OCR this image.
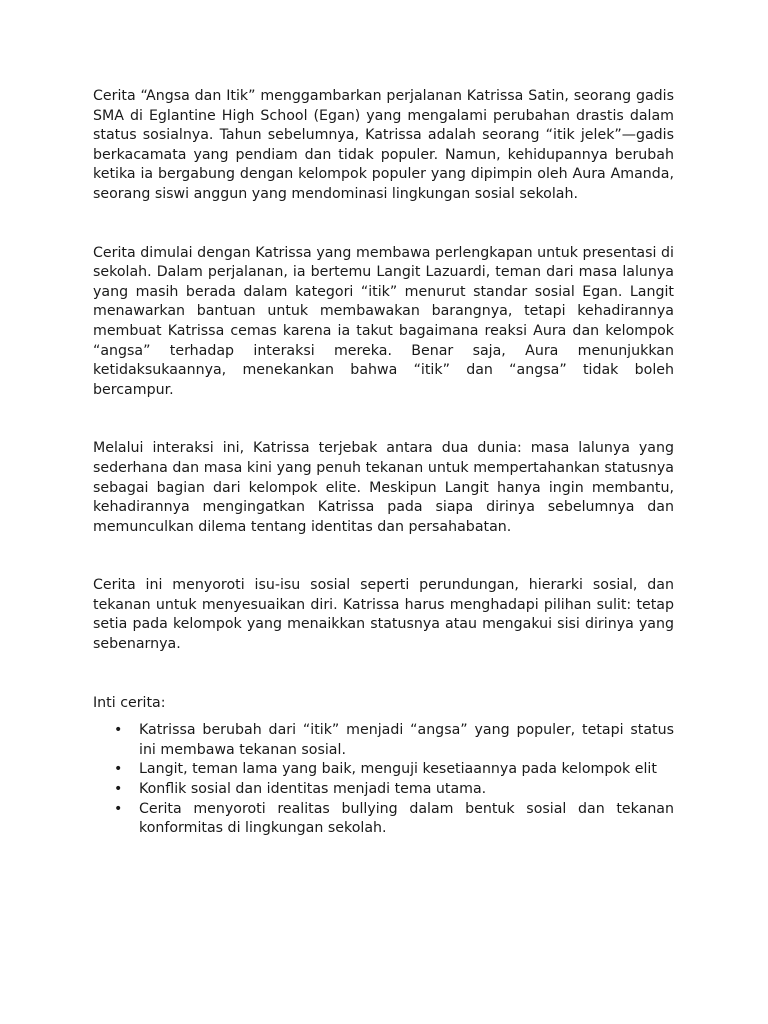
Cerita “Angsa dan Itik” menggambarkan perjalanan Katrissa Satin, seorang gadis SMA di Eglantine High School (Egan) yang mengalami perubahan drastis dalam status sosialnya. Tahun sebelumnya, Katrissa adalah seorang “itik jelek”—gadis berkacamata yang pendiam dan tidak populer. Namun, kehidupannya berubah ketika ia bergabung dengan kelompok populer yang dipimpin oleh Aura Amanda, seorang siswi anggun yang mendominasi lingkungan sosial sekolah.

Cerita dimulai dengan Katrissa yang membawa perlengkapan untuk presentasi di sekolah. Dalam perjalanan, ia bertemu Langit Lazuardi, teman dari masa lalunya yang masih berada dalam kategori “itik” menurut standar sosial Egan. Langit menawarkan bantuan untuk membawakan barangnya, tetapi kehadirannya membuat Katrissa cemas karena ia takut bagaimana reaksi Aura dan kelompok “angsa” terhadap interaksi mereka. Benar saja, Aura menunjukkan ketidaksukaannya, menekankan bahwa “itik” dan “angsa” tidak boleh bercampur.

Melalui interaksi ini, Katrissa terjebak antara dua dunia: masa lalunya yang sederhana dan masa kini yang penuh tekanan untuk mempertahankan statusnya sebagai bagian dari kelompok elite. Meskipun Langit hanya ingin membantu, kehadirannya mengingatkan Katrissa pada siapa dirinya sebelumnya dan memunculkan dilema tentang identitas dan persahabatan.

Cerita ini menyoroti isu-isu sosial seperti perundungan, hierarki sosial, dan tekanan untuk menyesuaikan diri. Katrissa harus menghadapi pilihan sulit: tetap setia pada kelompok yang menaikkan statusnya atau mengakui sisi dirinya yang sebenarnya.

Inti cerita:

• Katrissa berubah dari “itik” menjadi “angsa” yang populer, tetapi status ini membawa tekanan sosial.
• Langit, teman lama yang baik, menguji kesetiaannya pada kelompok elit
• Konflik sosial dan identitas menjadi tema utama.
• Cerita menyoroti realitas bullying dalam bentuk sosial dan tekanan konformitas di lingkungan sekolah.
